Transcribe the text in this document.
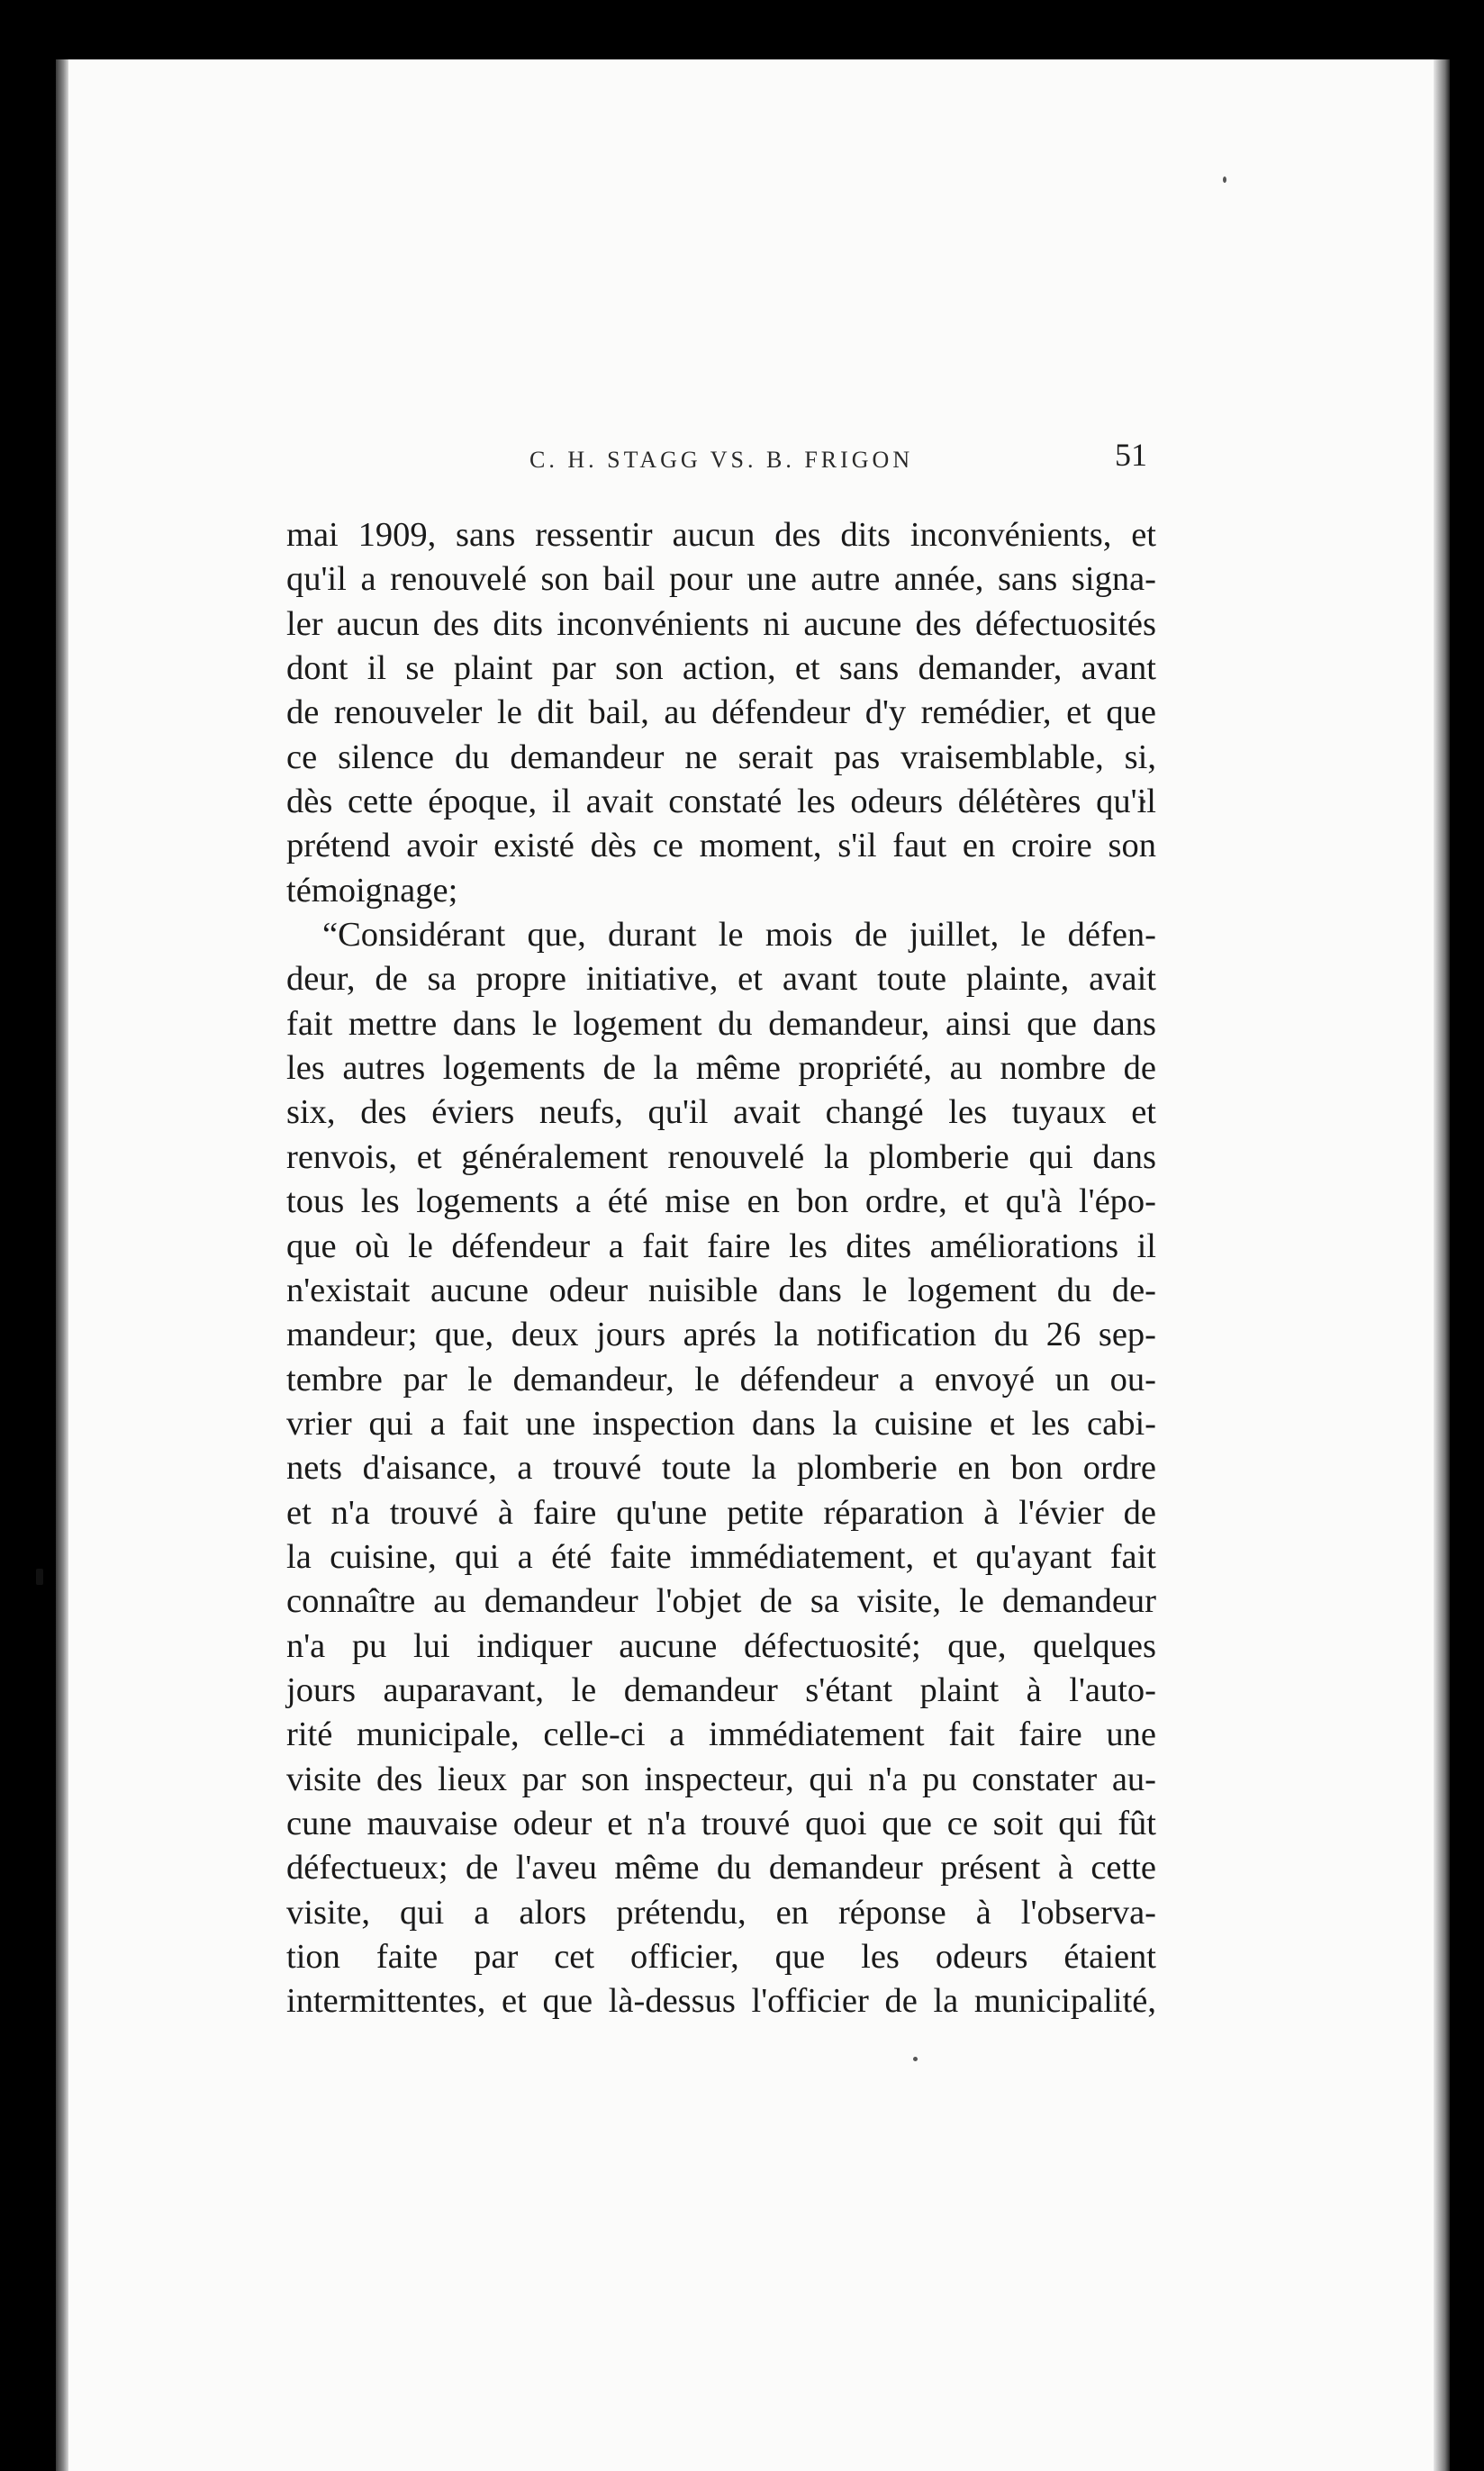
C. H. STAGG VS. B. FRIGON	51
mai 1909, sans ressentir aucun des dits inconvénients, et
qu'il a renouvelé son bail pour une autre année, sans signa-
ler aucun des dits inconvénients ni aucune des défectuosités
dont il se plaint par son action, et sans demander, avant
de renouveler le dit bail, au défendeur d'y remédier, et que
ce silence du demandeur ne serait pas vraisemblable, si,
dès cette époque, il avait constaté les odeurs délétères qu'il
prétend avoir existé dès ce moment, s'il faut en croire son
témoignage;
“Considérant que, durant le mois de juillet, le défen-
deur, de sa propre initiative, et avant toute plainte, avait
fait mettre dans le logement du demandeur, ainsi que dans
les autres logements de la même propriété, au nombre de
six, des éviers neufs, qu'il avait changé les tuyaux et
renvois, et généralement renouvelé la plomberie qui dans
tous les logements a été mise en bon ordre, et qu'à l'épo-
que où le défendeur a fait faire les dites améliorations il
n'existait aucune odeur nuisible dans le logement du de-
mandeur; que, deux jours aprés la notification du 26 sep-
tembre par le demandeur, le défendeur a envoyé un ou-
vrier qui a fait une inspection dans la cuisine et les cabi-
nets d'aisance, a trouvé toute la plomberie en bon ordre
et n'a trouvé à faire qu'une petite réparation à l'évier de
la cuisine, qui a été faite immédiatement, et qu'ayant fait
connaître au demandeur l'objet de sa visite, le demandeur
n'a pu lui indiquer aucune défectuosité; que, quelques
jours auparavant, le demandeur s'étant plaint à l'auto-
rité municipale, celle-ci a immédiatement fait faire une
visite des lieux par son inspecteur, qui n'a pu constater au-
cune mauvaise odeur et n'a trouvé quoi que ce soit qui fût
défectueux; de l'aveu même du demandeur présent à cette
visite, qui a alors prétendu, en réponse à l'observa-
tion faite par cet officier, que les odeurs étaient
intermittentes, et que là-dessus l'officier de la municipalité,
